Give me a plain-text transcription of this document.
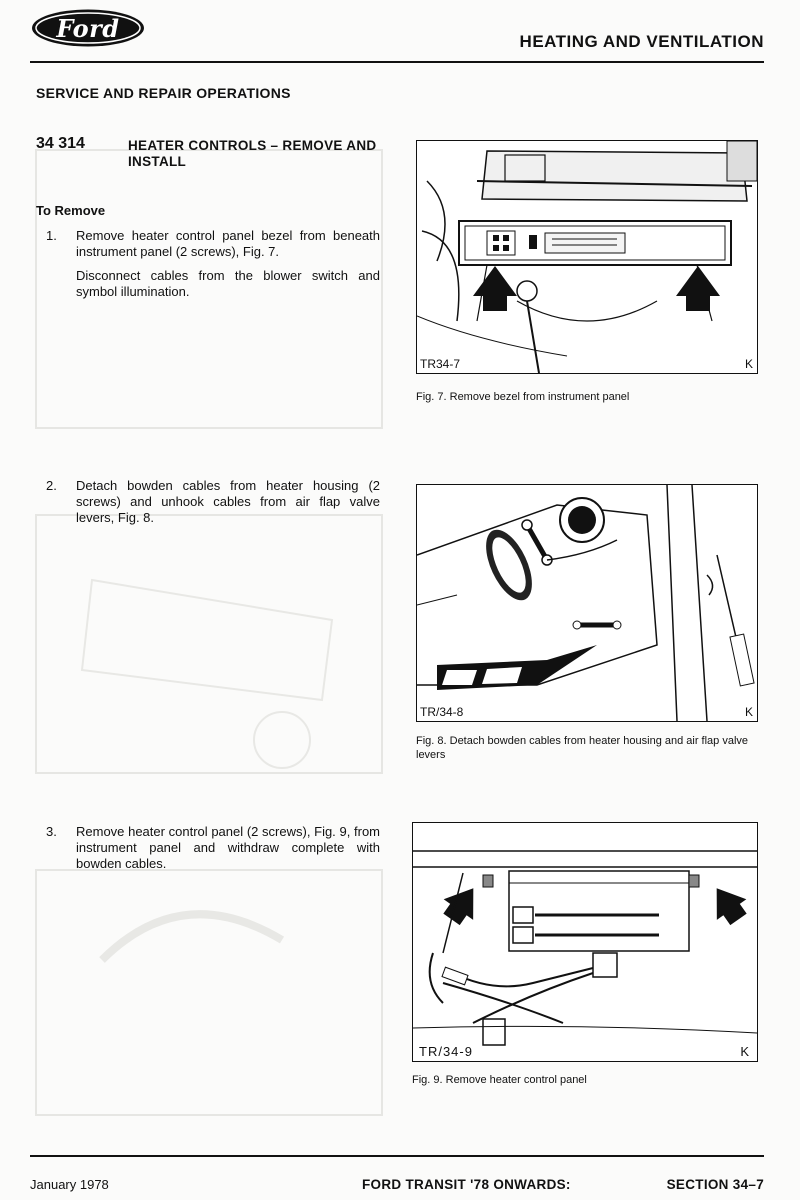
Ford	HEATING AND VENTILATION
SERVICE AND REPAIR OPERATIONS
34 314	HEATER CONTROLS – REMOVE AND INSTALL
To Remove
1. Remove heater control panel bezel from beneath instrument panel (2 screws), Fig. 7.
Disconnect cables from the blower switch and symbol illumination.
2. Detach bowden cables from heater housing (2 screws) and unhook cables from air flap valve levers, Fig. 8.
3. Remove heater control panel (2 screws), Fig. 9, from instrument panel and withdraw complete with bowden cables.
TR34-7	K
Fig. 7. Remove bezel from instrument panel
TR/34-8	K
Fig. 8. Detach bowden cables from heater housing and air flap valve levers
TR/34-9	K
Fig. 9. Remove heater control panel
January 1978	FORD TRANSIT '78 ONWARDS:	SECTION 34–7
